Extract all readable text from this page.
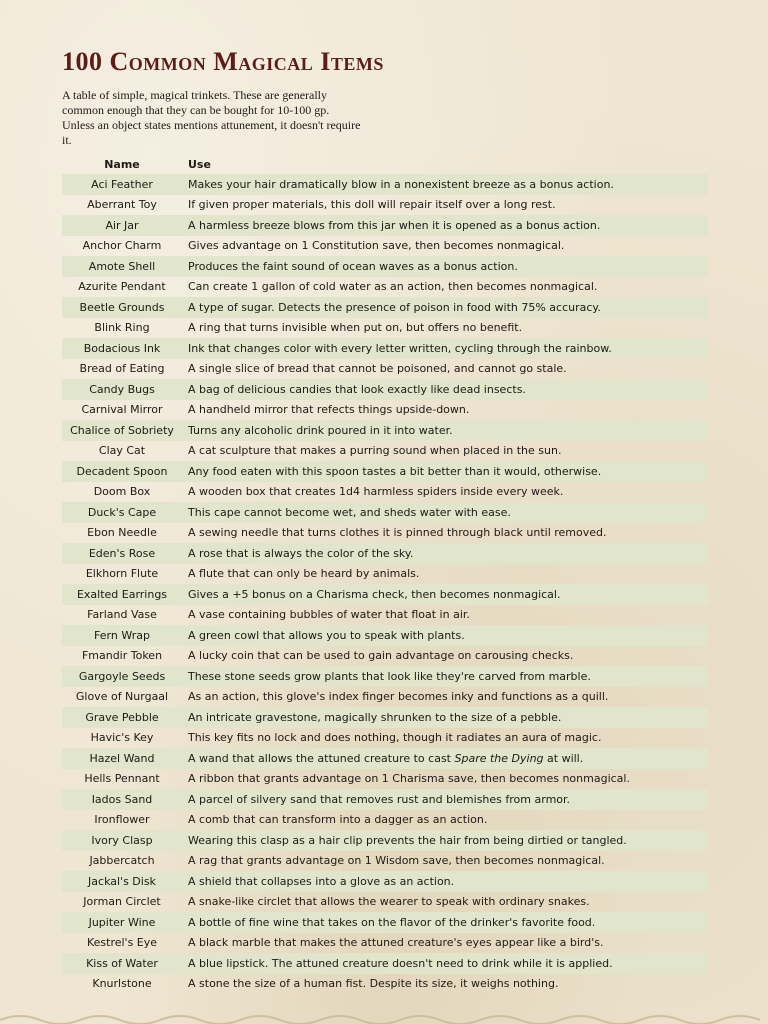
100 Common Magical Items

A table of simple, magical trinkets. These are generally common enough that they can be bought for 10-100 gp. Unless an object states mentions attunement, it doesn't require it.

Name	Use
Aci Feather	Makes your hair dramatically blow in a nonexistent breeze as a bonus action.
Aberrant Toy	If given proper materials, this doll will repair itself over a long rest.
Air Jar	A harmless breeze blows from this jar when it is opened as a bonus action.
Anchor Charm	Gives advantage on 1 Constitution save, then becomes nonmagical.
Amote Shell	Produces the faint sound of ocean waves as a bonus action.
Azurite Pendant	Can create 1 gallon of cold water as an action, then becomes nonmagical.
Beetle Grounds	A type of sugar. Detects the presence of poison in food with 75% accuracy.
Blink Ring	A ring that turns invisible when put on, but offers no benefit.
Bodacious Ink	Ink that changes color with every letter written, cycling through the rainbow.
Bread of Eating	A single slice of bread that cannot be poisoned, and cannot go stale.
Candy Bugs	A bag of delicious candies that look exactly like dead insects.
Carnival Mirror	A handheld mirror that refects things upside-down.
Chalice of Sobriety	Turns any alcoholic drink poured in it into water.
Clay Cat	A cat sculpture that makes a purring sound when placed in the sun.
Decadent Spoon	Any food eaten with this spoon tastes a bit better than it would, otherwise.
Doom Box	A wooden box that creates 1d4 harmless spiders inside every week.
Duck's Cape	This cape cannot become wet, and sheds water with ease.
Ebon Needle	A sewing needle that turns clothes it is pinned through black until removed.
Eden's Rose	A rose that is always the color of the sky.
Elkhorn Flute	A flute that can only be heard by animals.
Exalted Earrings	Gives a +5 bonus on a Charisma check, then becomes nonmagical.
Farland Vase	A vase containing bubbles of water that float in air.
Fern Wrap	A green cowl that allows you to speak with plants.
Fmandir Token	A lucky coin that can be used to gain advantage on carousing checks.
Gargoyle Seeds	These stone seeds grow plants that look like they're carved from marble.
Glove of Nurgaal	As an action, this glove's index finger becomes inky and functions as a quill.
Grave Pebble	An intricate gravestone, magically shrunken to the size of a pebble.
Havic's Key	This key fits no lock and does nothing, though it radiates an aura of magic.
Hazel Wand	A wand that allows the attuned creature to cast Spare the Dying at will.
Hells Pennant	A ribbon that grants advantage on 1 Charisma save, then becomes nonmagical.
Iados Sand	A parcel of silvery sand that removes rust and blemishes from armor.
Ironflower	A comb that can transform into a dagger as an action.
Ivory Clasp	Wearing this clasp as a hair clip prevents the hair from being dirtied or tangled.
Jabbercatch	A rag that grants advantage on 1 Wisdom save, then becomes nonmagical.
Jackal's Disk	A shield that collapses into a glove as an action.
Jorman Circlet	A snake-like circlet that allows the wearer to speak with ordinary snakes.
Jupiter Wine	A bottle of fine wine that takes on the flavor of the drinker's favorite food.
Kestrel's Eye	A black marble that makes the attuned creature's eyes appear like a bird's.
Kiss of Water	A blue lipstick. The attuned creature doesn't need to drink while it is applied.
Knurlstone	A stone the size of a human fist. Despite its size, it weighs nothing.
